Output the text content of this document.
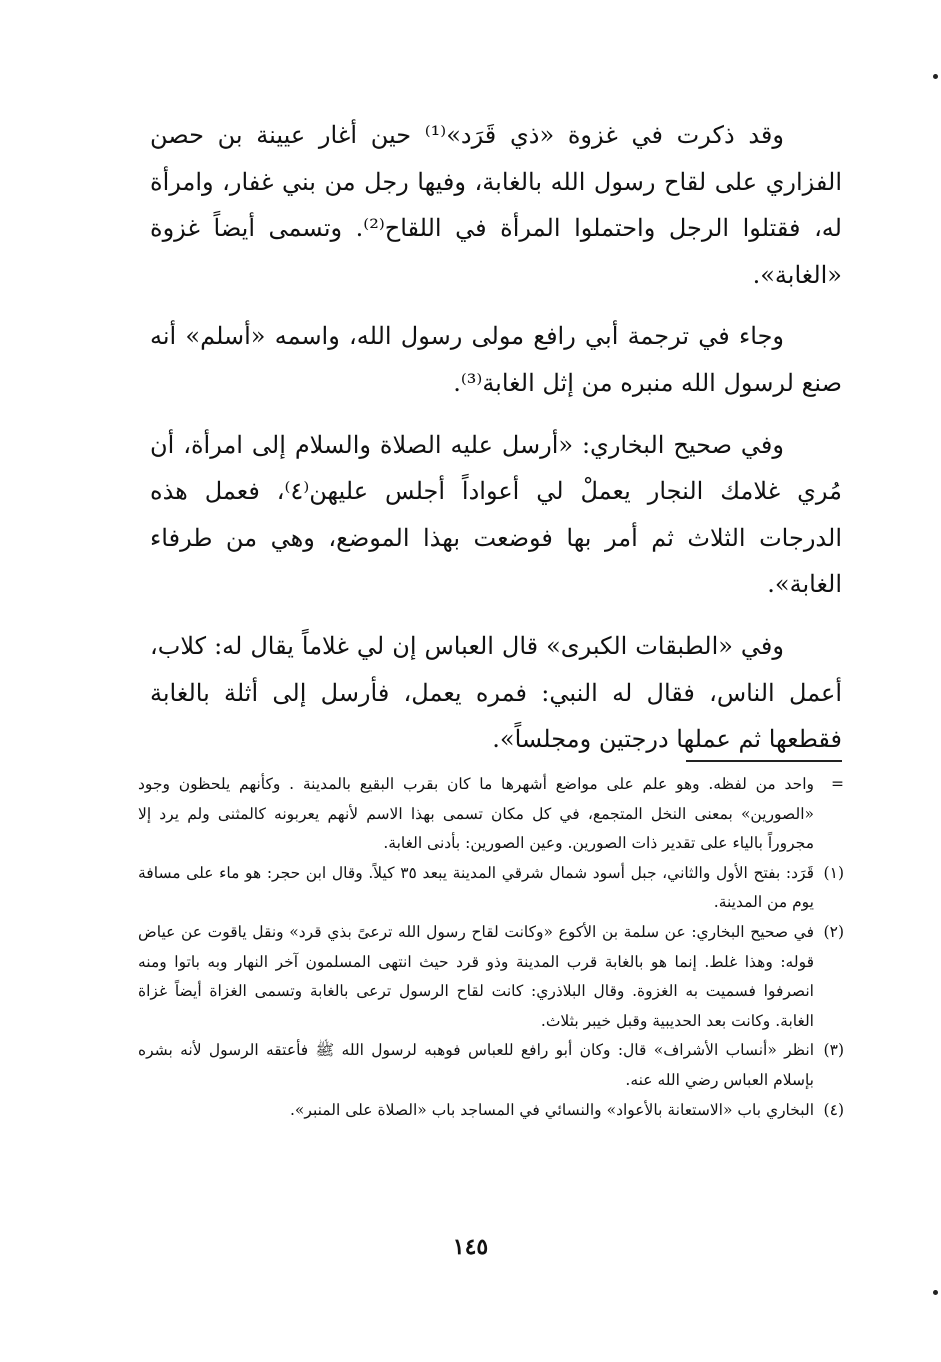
وقد ذكرت في غزوة «ذي قَرَد»⁽¹⁾ حين أغار عيينة بن حصن الفزاري على لقاح رسول الله بالغابة، وفيها رجل من بني غفار، وامرأة له، فقتلوا الرجل واحتملوا المرأة في اللقاح⁽²⁾. وتسمى أيضاً غزوة «الغابة».

وجاء في ترجمة أبي رافع مولى رسول الله، واسمه «أسلم» أنه صنع لرسول الله منبره من إثل الغابة⁽³⁾.

وفي صحيح البخاري: «أرسل عليه الصلاة والسلام إلى امرأة، أن مُري غلامك النجار يعملْ لي أعواداً أجلس عليهن⁽٤⁾، فعمل هذه الدرجات الثلاث ثم أمر بها فوضعت بهذا الموضع، وهي من طرفاء الغابة».

وفي «الطبقات الكبرى» قال العباس إن لي غلاماً يقال له: كلاب، أعمل الناس، فقال له النبي: فمره يعمل، فأرسل إلى أثلة بالغابة فقطعها ثم عملها درجتين ومجلساً».

=
واحد من لفظه. وهو علم على مواضع أشهرها ما كان بقرب البقيع بالمدينة . وكأنهم يلحظون وجود «الصورين» بمعنى النخل المتجمع، في كل مكان تسمى بهذا الاسم لأنهم يعربونه كالمثنى ولم يرد إلا مجروراً بالياء على تقدير ذات الصورين. وعين الصورين: بأدنى الغابة.

(١)
قَرَد: بفتح الأول والثاني، جبل أسود شمال شرقي المدينة يبعد ٣٥ كيلاً. وقال ابن حجر: هو ماء على مسافة يوم من المدينة.

(٢)
في صحيح البخاري: عن سلمة بن الأكوع «وكانت لقاح رسول الله ترعىً بذي قرد» ونقل ياقوت عن عياض قوله: وهذا غلط. إنما هو بالغابة قرب المدينة وذو قرد حيث انتهى المسلمون آخر النهار وبه باتوا ومنه انصرفوا فسميت به الغزوة. وقال البلاذري: كانت لقاح الرسول ترعى بالغابة وتسمى الغزاة أيضاً غزاة الغابة. وكانت بعد الحديبية وقبل خيبر بثلاث.

(٣)
انظر «أنساب الأشراف» قال: وكان أبو رافع للعباس فوهبه لرسول الله ﷺ فأعتقه الرسول لأنه بشره بإسلام العباس رضي الله عنه.

(٤)
البخاري باب «الاستعانة بالأعواد» والنسائي في المساجد باب «الصلاة على المنبر».

١٤٥
